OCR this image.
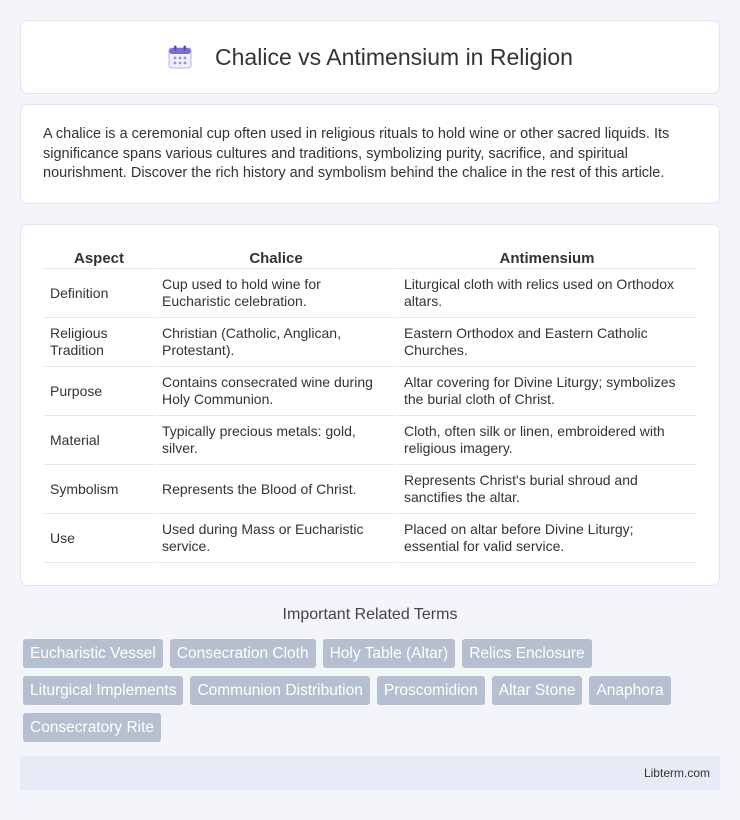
Chalice vs Antimensium in Religion

A chalice is a ceremonial cup often used in religious rituals to hold wine or other sacred liquids. Its significance spans various cultures and traditions, symbolizing purity, sacrifice, and spiritual nourishment. Discover the rich history and symbolism behind the chalice in the rest of this article.

Aspect	Chalice	Antimensium
Definition	Cup used to hold wine for Eucharistic celebration.	Liturgical cloth with relics used on Orthodox altars.
Religious Tradition	Christian (Catholic, Anglican, Protestant).	Eastern Orthodox and Eastern Catholic Churches.
Purpose	Contains consecrated wine during Holy Communion.	Altar covering for Divine Liturgy; symbolizes the burial cloth of Christ.
Material	Typically precious metals: gold, silver.	Cloth, often silk or linen, embroidered with religious imagery.
Symbolism	Represents the Blood of Christ.	Represents Christ's burial shroud and sanctifies the altar.
Use	Used during Mass or Eucharistic service.	Placed on altar before Divine Liturgy; essential for valid service.
Important Related Terms
Eucharistic Vessel	Consecration Cloth	Holy Table (Altar)	Relics Enclosure
Liturgical Implements	Communion Distribution	Proscomidion	Altar Stone	Anaphora
Consecratory Rite
Libterm.com
